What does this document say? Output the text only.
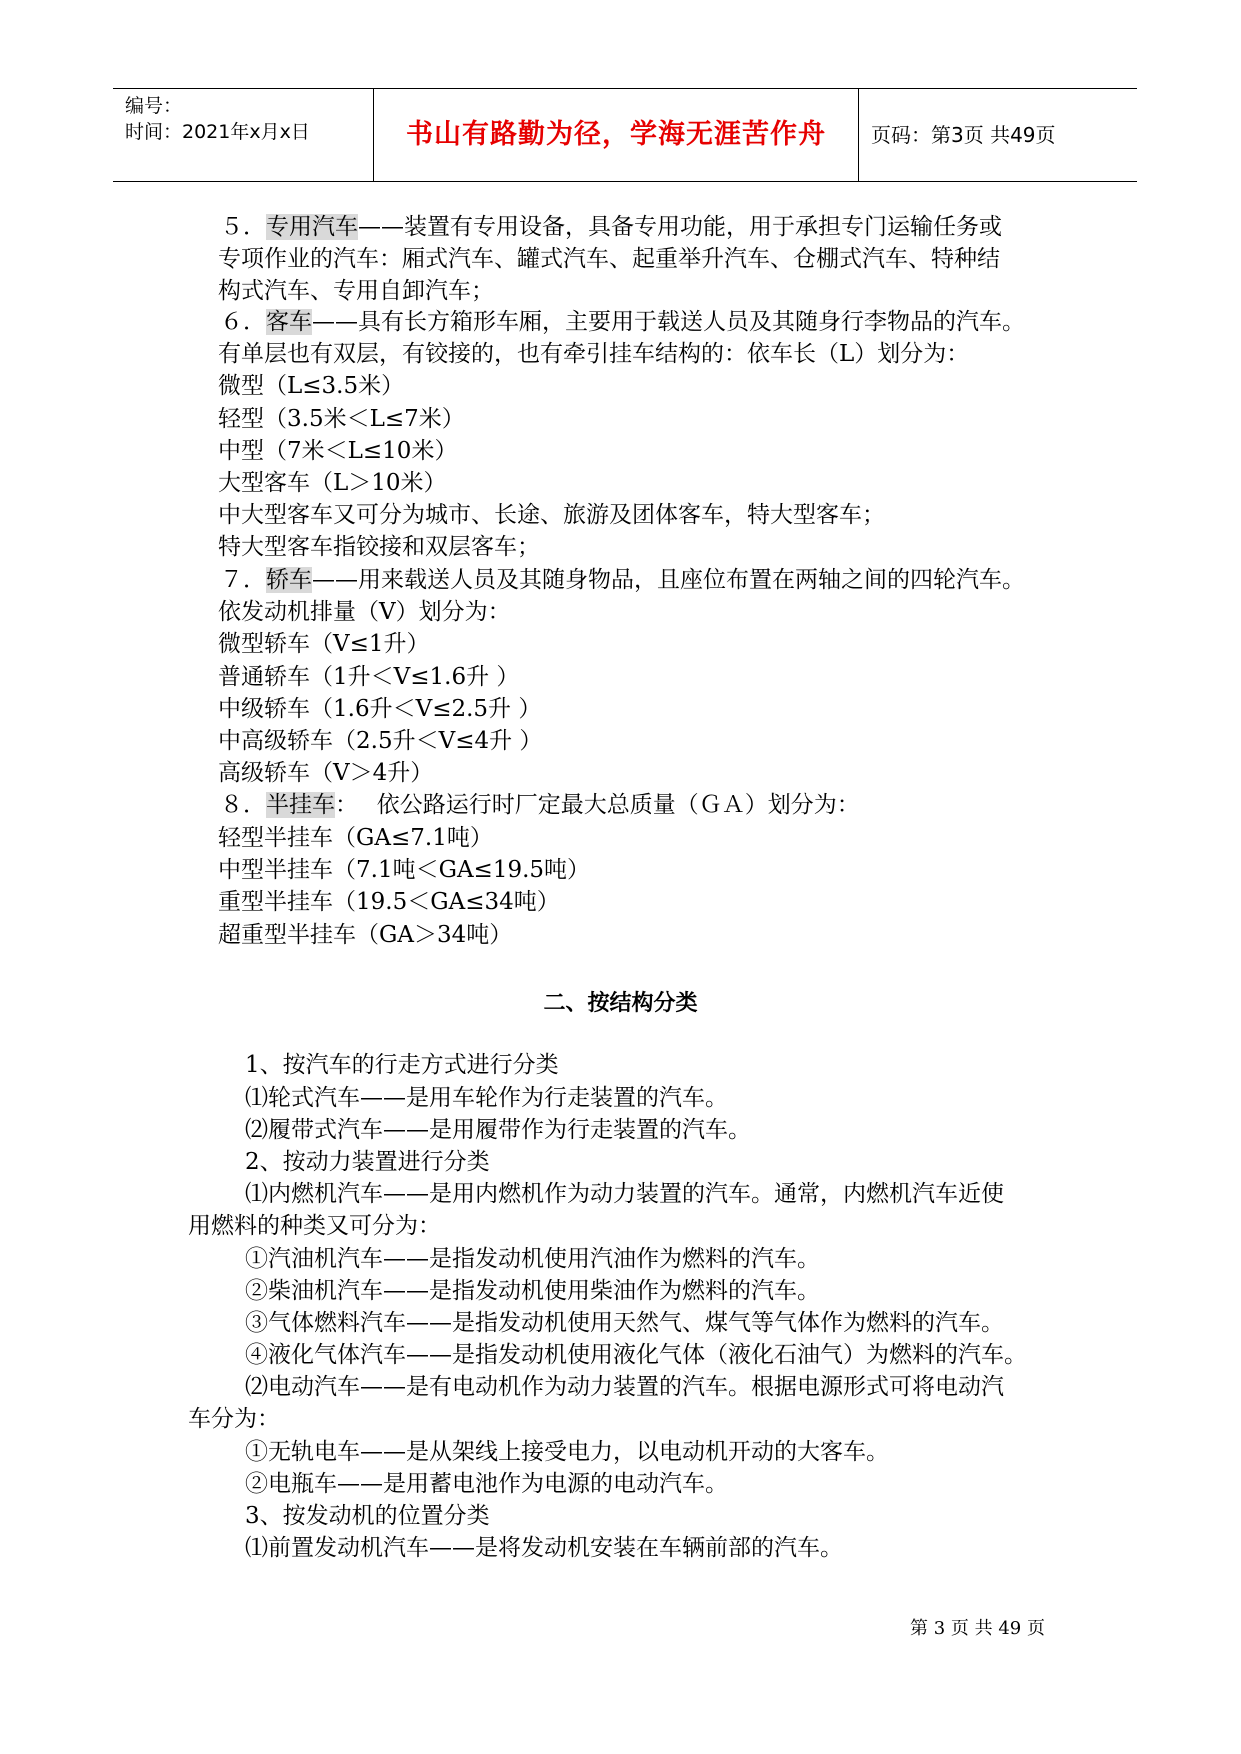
编号：
时间：2021年x月x日	书山有路勤为径，学海无涯苦作舟	页码：第3页 共49页
５．专用汽车——装置有专用设备，具备专用功能，用于承担专门运输任务或
专项作业的汽车：厢式汽车、罐式汽车、起重举升汽车、仓棚式汽车、特种结
构式汽车、专用自卸汽车；
６．客车——具有长方箱形车厢，主要用于载送人员及其随身行李物品的汽车。
有单层也有双层，有铰接的，也有牵引挂车结构的：依车长（L）划分为：
微型（L≤3.5米）
轻型（3.5米＜L≤7米）
中型（7米＜L≤10米）
大型客车（L＞10米）
中大型客车又可分为城市、长途、旅游及团体客车，特大型客车；
特大型客车指铰接和双层客车；
７．轿车——用来载送人员及其随身物品，且座位布置在两轴之间的四轮汽车。
依发动机排量（V）划分为：
微型轿车（V≤1升）
普通轿车（1升＜V≤1.6升 ）
中级轿车（1.6升＜V≤2.5升 ）
中高级轿车（2.5升＜V≤4升 ）
高级轿车（V＞4升）
８．半挂车：　 依公路运行时厂定最大总质量（ＧＡ）划分为：
轻型半挂车（GA≤7.1吨）
中型半挂车（7.1吨＜GA≤19.5吨）
重型半挂车（19.5＜GA≤34吨）
超重型半挂车（GA＞34吨）
二、按结构分类
1、按汽车的行走方式进行分类
⑴轮式汽车——是用车轮作为行走装置的汽车。
⑵履带式汽车——是用履带作为行走装置的汽车。
2、按动力装置进行分类
⑴内燃机汽车——是用内燃机作为动力装置的汽车。通常，内燃机汽车近使
用燃料的种类又可分为：
①汽油机汽车——是指发动机使用汽油作为燃料的汽车。
②柴油机汽车——是指发动机使用柴油作为燃料的汽车。
③气体燃料汽车——是指发动机使用天然气、煤气等气体作为燃料的汽车。
④液化气体汽车——是指发动机使用液化气体（液化石油气）为燃料的汽车。
⑵电动汽车——是有电动机作为动力装置的汽车。根据电源形式可将电动汽
车分为：
①无轨电车——是从架线上接受电力，以电动机开动的大客车。
②电瓶车——是用蓄电池作为电源的电动汽车。
3、按发动机的位置分类
⑴前置发动机汽车——是将发动机安装在车辆前部的汽车。
第 3 页 共 49 页
